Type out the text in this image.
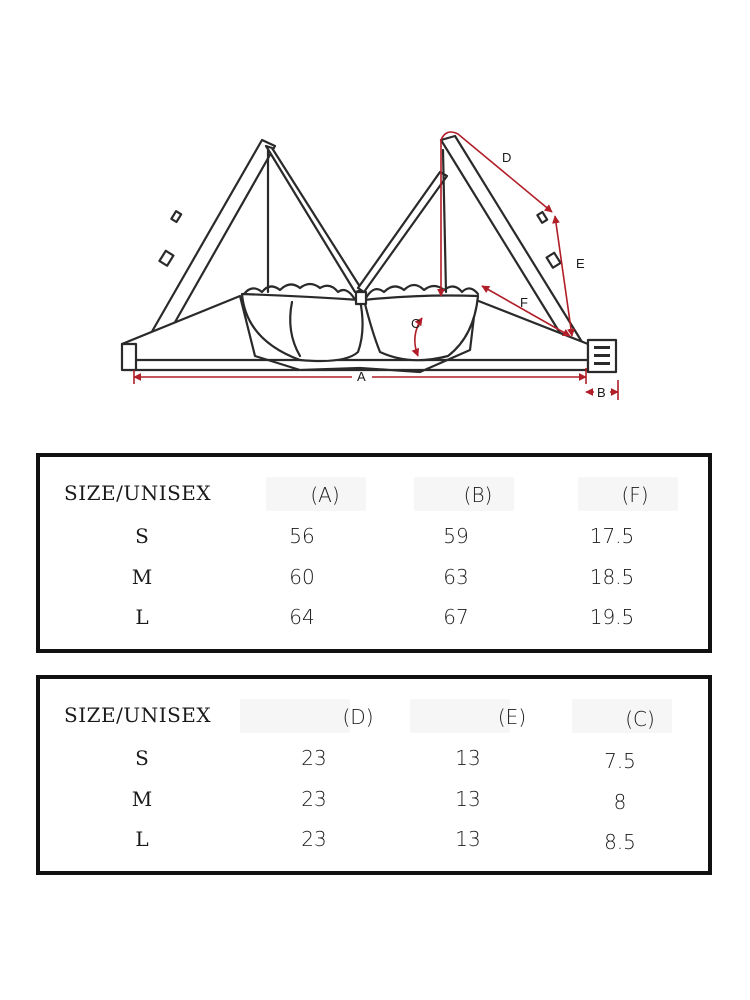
A
B
C
D
E
F
SIZE/UNISEX	(A)	(B)	(F)
S	56	59	17.5
M	60	63	18.5
L	64	67	19.5
SIZE/UNISEX	(D)	(E)	(C)
S	23	13	7.5
M	23	13	8
L	23	13	8.5
